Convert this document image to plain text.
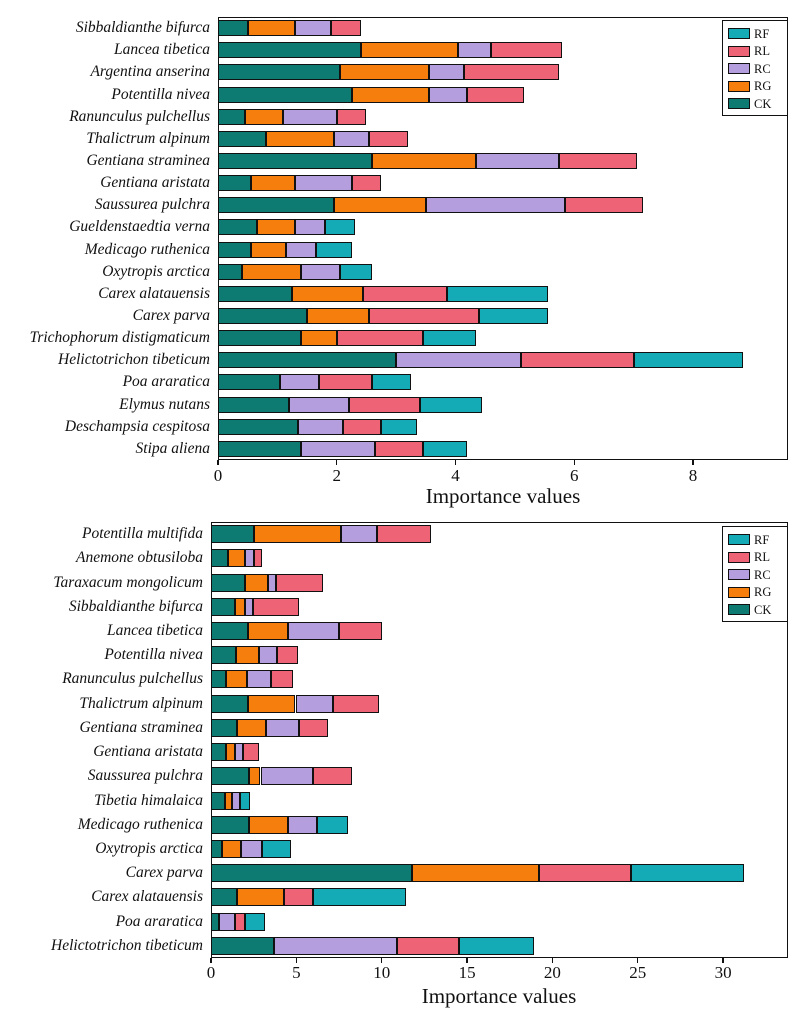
Importance values
Sibbaldianthe bifurca
Lancea tibetica
Argentina anserina
Potentilla nivea
Ranunculus pulchellus
Thalictrum alpinum
Gentiana straminea
Gentiana aristata
Saussurea pulchra
Gueldenstaedtia verna
Medicago ruthenica
Oxytropis arctica
Carex alatauensis
Carex parva
Trichophorum distigmaticum
Helictotrichon tibeticum
Poa araratica
Elymus nutans
Deschampsia cespitosa
Stipa aliena
0	2	4	6	8
RF
RL
RC
RG
CK
Importance values
Potentilla multifida
Anemone obtusiloba
Taraxacum mongolicum
Sibbaldianthe bifurca
Lancea tibetica
Potentilla nivea
Ranunculus pulchellus
Thalictrum alpinum
Gentiana straminea
Gentiana aristata
Saussurea pulchra
Tibetia himalaica
Medicago ruthenica
Oxytropis arctica
Carex parva
Carex alatauensis
Poa araratica
Helictotrichon tibeticum
0	5	10	15	20	25	30
RF
RL
RC
RG
CK
